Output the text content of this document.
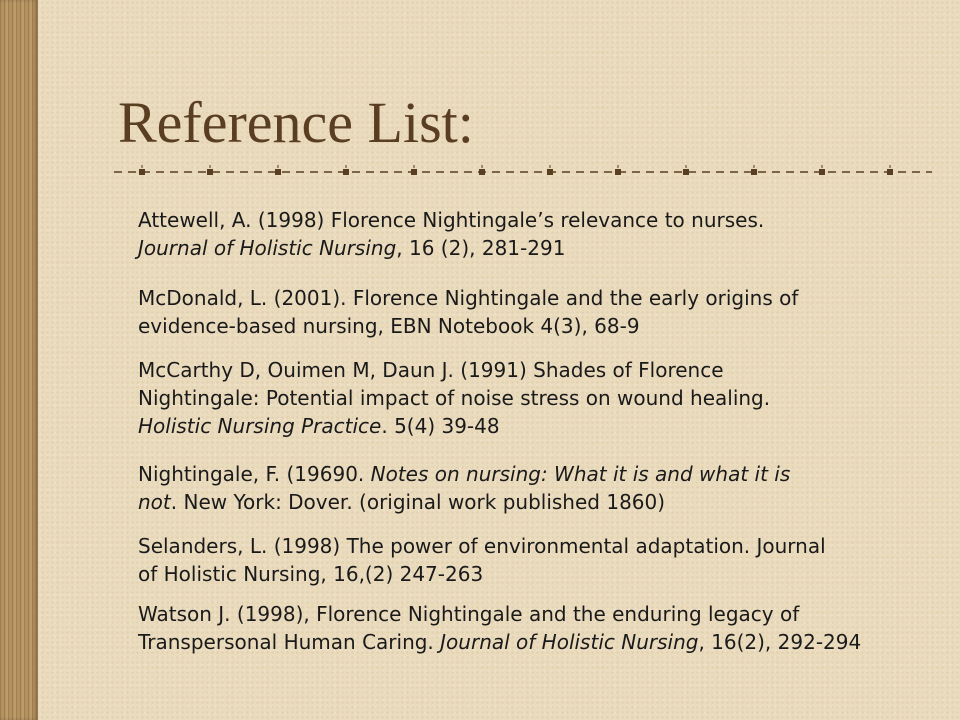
Reference List:
Attewell, A. (1998) Florence Nightingale’s relevance to nurses.
Journal of Holistic Nursing, 16 (2), 281-291
McDonald, L. (2001). Florence Nightingale and the early origins of
evidence-based nursing, EBN Notebook 4(3), 68-9
McCarthy D, Ouimen M, Daun J. (1991) Shades of Florence
Nightingale: Potential impact of noise stress on wound healing.
Holistic Nursing Practice. 5(4) 39-48
Nightingale, F. (19690. Notes on nursing: What it is and what it is
not. New York: Dover. (original work published 1860)
Selanders, L. (1998) The power of environmental adaptation. Journal
of Holistic Nursing, 16,(2) 247-263
Watson J. (1998), Florence Nightingale and the enduring legacy of
Transpersonal Human Caring. Journal of Holistic Nursing, 16(2), 292-294
